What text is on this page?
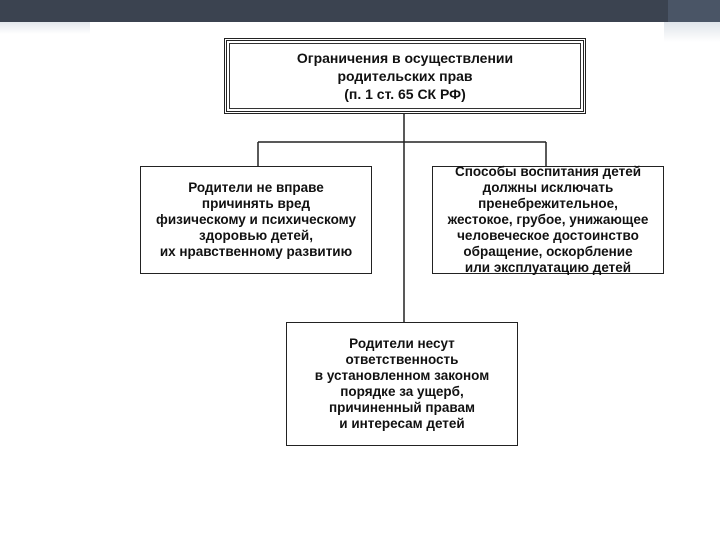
Ограничения в осуществлении
родительских прав
(п. 1 ст. 65 СК РФ)
Родители не вправе
причинять вред
физическому и психическому
здоровью детей,
их нравственному развитию
Способы воспитания детей
должны исключать
пренебрежительное,
жестокое, грубое, унижающее
человеческое достоинство
обращение, оскорбление
или эксплуатацию детей
Родители несут
ответственность
в установленном законом
порядке за ущерб,
причиненный правам
и интересам детей
